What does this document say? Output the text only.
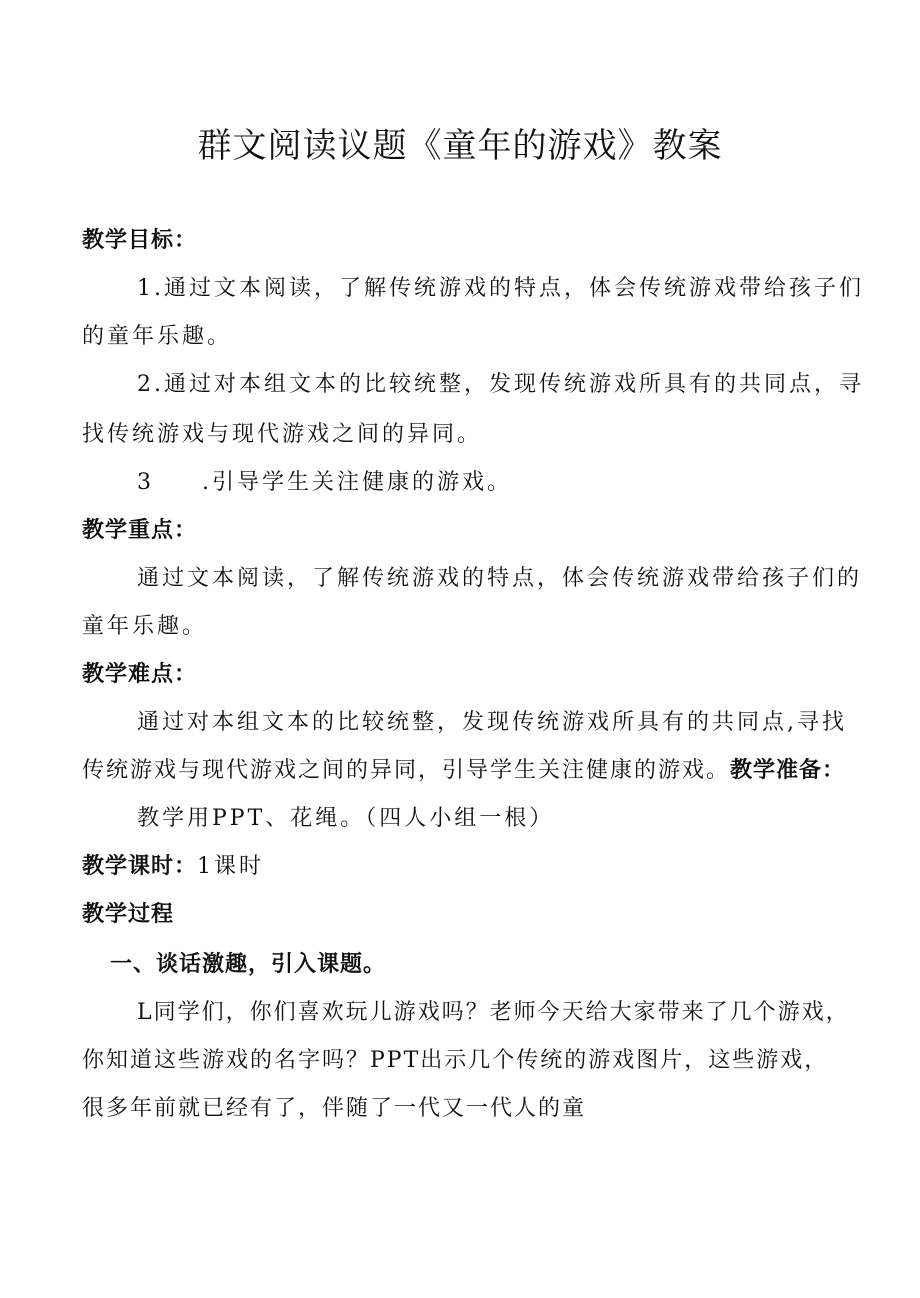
群文阅读议题《童年的游戏》教案
教学目标：
1.通过文本阅读，了解传统游戏的特点，体会传统游戏带给孩子们
的童年乐趣。
2.通过对本组文本的比较统整，发现传统游戏所具有的共同点，寻
找传统游戏与现代游戏之间的异同。
3 .引导学生关注健康的游戏。
教学重点：
通过文本阅读，了解传统游戏的特点，体会传统游戏带给孩子们的
童年乐趣。
教学难点：
通过对本组文本的比较统整，发现传统游戏所具有的共同点,寻找
传统游戏与现代游戏之间的异同，引导学生关注健康的游戏。教学准备：
教学用PPT、花绳。（四人小组一根）
教学课时：1课时
教学过程
一、谈话激趣，引入课题。
L同学们，你们喜欢玩儿游戏吗？老师今天给大家带来了几个游戏，
你知道这些游戏的名字吗？PPT出示几个传统的游戏图片，这些游戏，
很多年前就已经有了，伴随了一代又一代人的童
